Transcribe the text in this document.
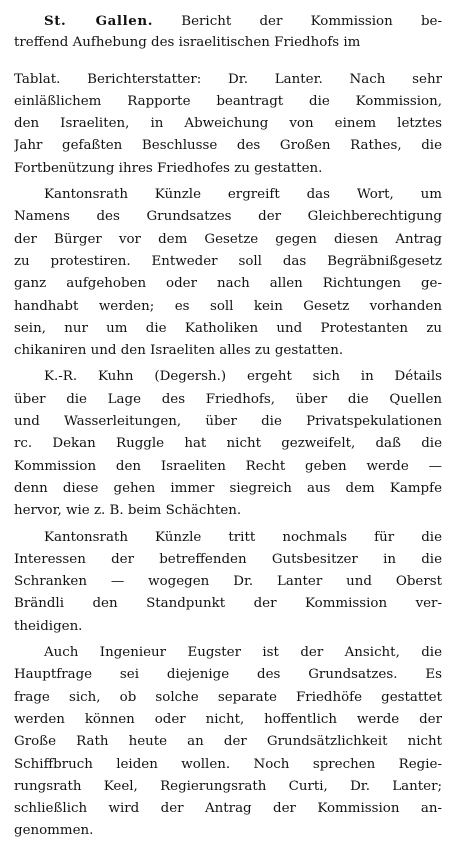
St. Gallen. Bericht der Kommission be-
treffend Aufhebung des israelitischen Friedhofs im
Tablat. Berichterstatter: Dr. Lanter. Nach sehr
einläßlichem Rapporte beantragt die Kommission,
den Israeliten, in Abweichung von einem letztes
Jahr gefaßten Beschlusse des Großen Rathes, die
Fortbenützung ihres Friedhofes zu gestatten.
Kantonsrath Künzle ergreift das Wort, um
Namens des Grundsatzes der Gleichberechtigung
der Bürger vor dem Gesetze gegen diesen Antrag
zu protestiren. Entweder soll das Begräbnißgesetz
ganz aufgehoben oder nach allen Richtungen ge-
handhabt werden; es soll kein Gesetz vorhanden
sein, nur um die Katholiken und Protestanten zu
chikaniren und den Israeliten alles zu gestatten.
K.-R. Kuhn (Degersh.) ergeht sich in Détails
über die Lage des Friedhofs, über die Quellen
und Wasserleitungen, über die Privatspekulationen
rc. Dekan Ruggle hat nicht gezweifelt, daß die
Kommission den Israeliten Recht geben werde —
denn diese gehen immer siegreich aus dem Kampfe
hervor, wie z. B. beim Schächten.
Kantonsrath Künzle tritt nochmals für die
Interessen der betreffenden Gutsbesitzer in die
Schranken — wogegen Dr. Lanter und Oberst
Brändli den Standpunkt der Kommission ver-
theidigen.
Auch Ingenieur Eugster ist der Ansicht, die
Hauptfrage sei diejenige des Grundsatzes. Es
frage sich, ob solche separate Friedhöfe gestattet
werden können oder nicht, hoffentlich werde der
Große Rath heute an der Grundsätzlichkeit nicht
Schiffbruch leiden wollen. Noch sprechen Regie-
rungsrath Keel, Regierungsrath Curti, Dr. Lanter;
schließlich wird der Antrag der Kommission an-
genommen.
